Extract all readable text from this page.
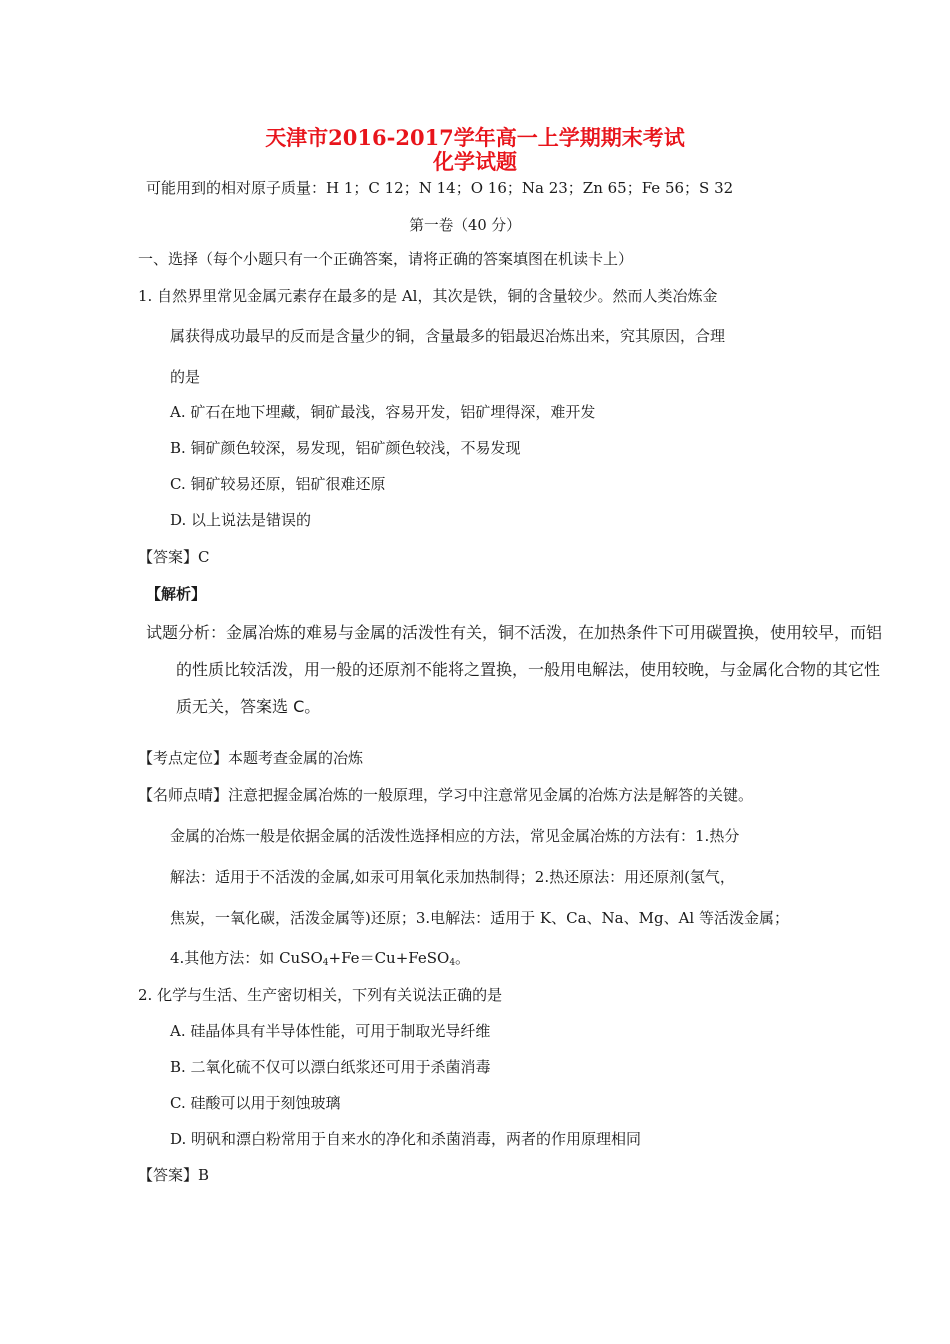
天津市2016-2017学年高一上学期期末考试
化学试题
可能用到的相对原子质量：H 1；C 12；N 14；O 16；Na 23；Zn 65；Fe 56；S 32
第一卷（40 分）
一、选择（每个小题只有一个正确答案，请将正确的答案填图在机读卡上）
1. 自然界里常见金属元素存在最多的是 Al，其次是铁，铜的含量较少。然而人类冶炼金
属获得成功最早的反而是含量少的铜，含量最多的铝最迟冶炼出来，究其原因，合理
的是
A. 矿石在地下埋藏，铜矿最浅，容易开发，铝矿埋得深，难开发
B. 铜矿颜色较深，易发现，铝矿颜色较浅，不易发现
C. 铜矿较易还原，铝矿很难还原
D. 以上说法是错误的
【答案】C
【解析】
试题分析：金属冶炼的难易与金属的活泼性有关，铜不活泼，在加热条件下可用碳置换，使用较早，而铝
的性质比较活泼，用一般的还原剂不能将之置换，一般用电解法，使用较晚，与金属化合物的其它性
质无关，答案选 C。
【考点定位】本题考查金属的冶炼
【名师点晴】注意把握金属冶炼的一般原理，学习中注意常见金属的冶炼方法是解答的关键。
金属的冶炼一般是依据金属的活泼性选择相应的方法，常见金属冶炼的方法有：1.热分
解法：适用于不活泼的金属,如汞可用氧化汞加热制得；2.热还原法：用还原剂(氢气，
焦炭，一氧化碳，活泼金属等)还原；3.电解法：适用于 K、Ca、Na、Mg、Al 等活泼金属；
4.其他方法：如 CuSO$_4$+Fe＝Cu+FeSO$_4$。
2. 化学与生活、生产密切相关，下列有关说法正确的是
A. 硅晶体具有半导体性能，可用于制取光导纤维
B. 二氧化硫不仅可以漂白纸浆还可用于杀菌消毒
C. 硅酸可以用于刻蚀玻璃
D. 明矾和漂白粉常用于自来水的净化和杀菌消毒，两者的作用原理相同
【答案】B
